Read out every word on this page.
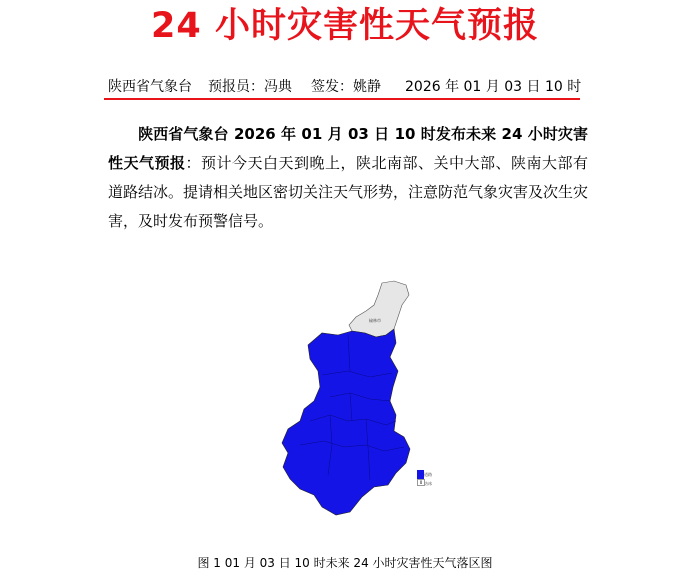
24 小时灾害性天气预报
陕西省气象台 预报员：冯典 签发：姚静 2026 年 01 月 03 日 10 时
陕西省气象台 2026 年 01 月 03 日 10 时发布未来 24 小时灾害性天气预报：预计今天白天到晚上，陕北南部、关中大部、陕南大部有道路结冰。提请相关地区密切关注天气形势，注意防范气象灾害及次生灾害，及时发布预警信号。
榆林市
道路结冰
0
图 1 01 月 03 日 10 时未来 24 小时灾害性天气落区图
